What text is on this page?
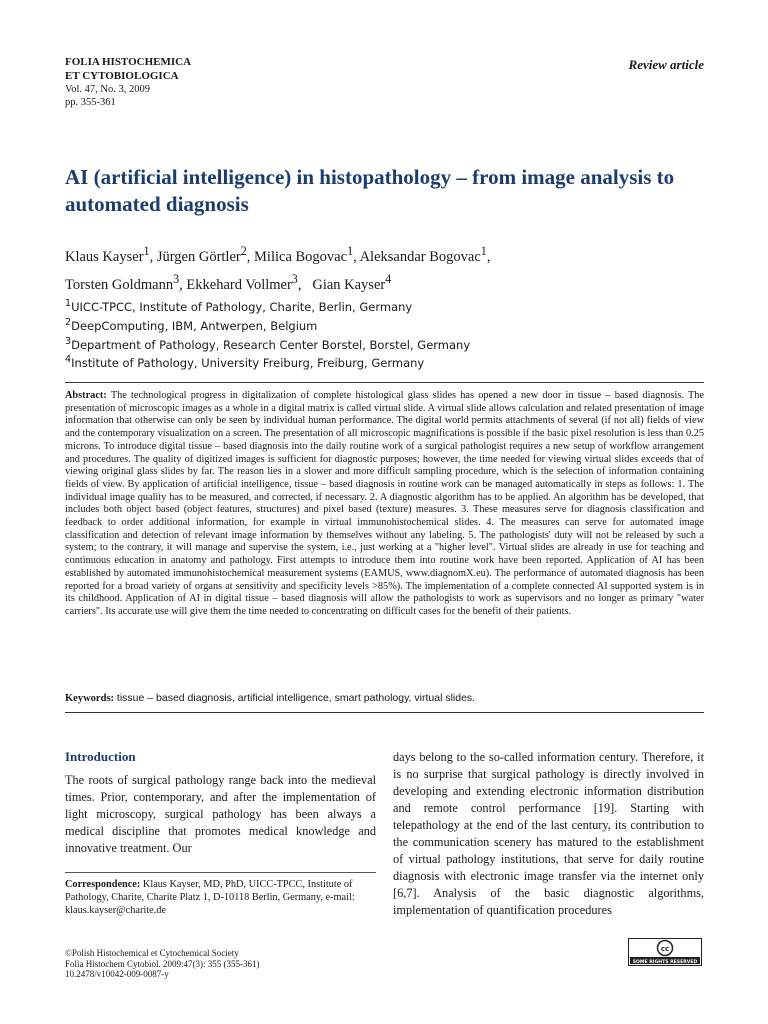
FOLIA HISTOCHEMICA
ET CYTOBIOLOGICA
Vol. 47, No. 3, 2009
pp. 355-361
Review article
AI (artificial intelligence) in histopathology – from image analysis to automated diagnosis
Klaus Kayser$^1$, Jürgen Görtler$^2$, Milica Bogovac$^1$, Aleksandar Bogovac$^1$,
Torsten Goldmann$^3$, Ekkehard Vollmer$^3$,   Gian Kayser$^4$
$^1$UICC-TPCC, Institute of Pathology, Charite, Berlin, Germany
$^2$DeepComputing, IBM, Antwerpen, Belgium
$^3$Department of Pathology, Research Center Borstel, Borstel, Germany
$^4$Institute of Pathology, University Freiburg, Freiburg, Germany
Abstract: The technological progress in digitalization of complete histological glass slides has opened a new door in tissue – based diagnosis. The presentation of microscopic images as a whole in a digital matrix is called virtual slide. A virtual slide allows calculation and related presentation of image information that otherwise can only be seen by individual human performance. The digital world permits attachments of several (if not all) fields of view and the contemporary visualization on a screen. The presentation of all microscopic magnifications is possible if the basic pixel resolution is less than 0.25 microns. To introduce digital tissue – based diagnosis into the daily routine work of a surgical pathologist requires a new setup of workflow arrangement and procedures. The quality of digitized images is sufficient for diagnostic purposes; however, the time needed for viewing virtual slides exceeds that of viewing original glass slides by far. The reason lies in a slower and more difficult sampling procedure, which is the selection of information containing fields of view. By application of artificial intelligence, tissue – based diagnosis in routine work can be managed automatically in steps as follows: 1. The individual image quality has to be measured, and corrected, if necessary. 2. A diagnostic algorithm has to be applied. An algorithm has be developed, that includes both object based (object features, structures) and pixel based (texture) measures. 3. These measures serve for diagnosis classification and feedback to order additional information, for example in virtual immunohistochemical slides. 4. The measures can serve for automated image classification and detection of relevant image information by themselves without any labeling. 5. The pathologists' duty will not be released by such a system; to the contrary, it will manage and supervise the system, i.e., just working at a "higher level". Virtual slides are already in use for teaching and continuous education in anatomy and pathology. First attempts to introduce them into routine work have been reported. Application of AI has been established by automated immunohistochemical measurement systems (EAMUS, www.diagnomX.eu). The performance of automated diagnosis has been reported for a broad variety of organs at sensitivity and specificity levels >85%). The implementation of a complete connected AI supported system is in its childhood. Application of AI in digital tissue – based diagnosis will allow the pathologists to work as supervisors and no longer as primary "water carriers". Its accurate use will give them the time needed to concentrating on difficult cases for the benefit of their patients.
Keywords: tissue – based diagnosis, artificial intelligence, smart pathology, virtual slides.
Introduction
The roots of surgical pathology range back into the medieval times. Prior, contemporary, and after the implementation of light microscopy, surgical pathology has been always a medical discipline that promotes medical knowledge and innovative treatment. Our
days belong to the so-called information century. Therefore, it is no surprise that surgical pathology is directly involved in developing and extending electronic information distribution and remote control performance [19]. Starting with telepathology at the end of the last century, its contribution to the communication scenery has matured to the establishment of virtual pathology institutions, that serve for daily routine diagnosis with electronic image transfer via the internet only [6,7]. Analysis of the basic diagnostic algorithms, implementation of quantification procedures
Correspondence: Klaus Kayser, MD, PhD, UICC-TPCC, Institute of Pathology, Charite, Charite Platz 1, D-10118 Berlin, Germany, e-mail: klaus.kayser@charite.de
©Polish Histochemical et Cytochemical Society
Folia Histochem Cytobiol. 2009:47(3): 355 (355-361)
10.2478/v10042-009-0087-y
cc
SOME RIGHTS RESERVED
